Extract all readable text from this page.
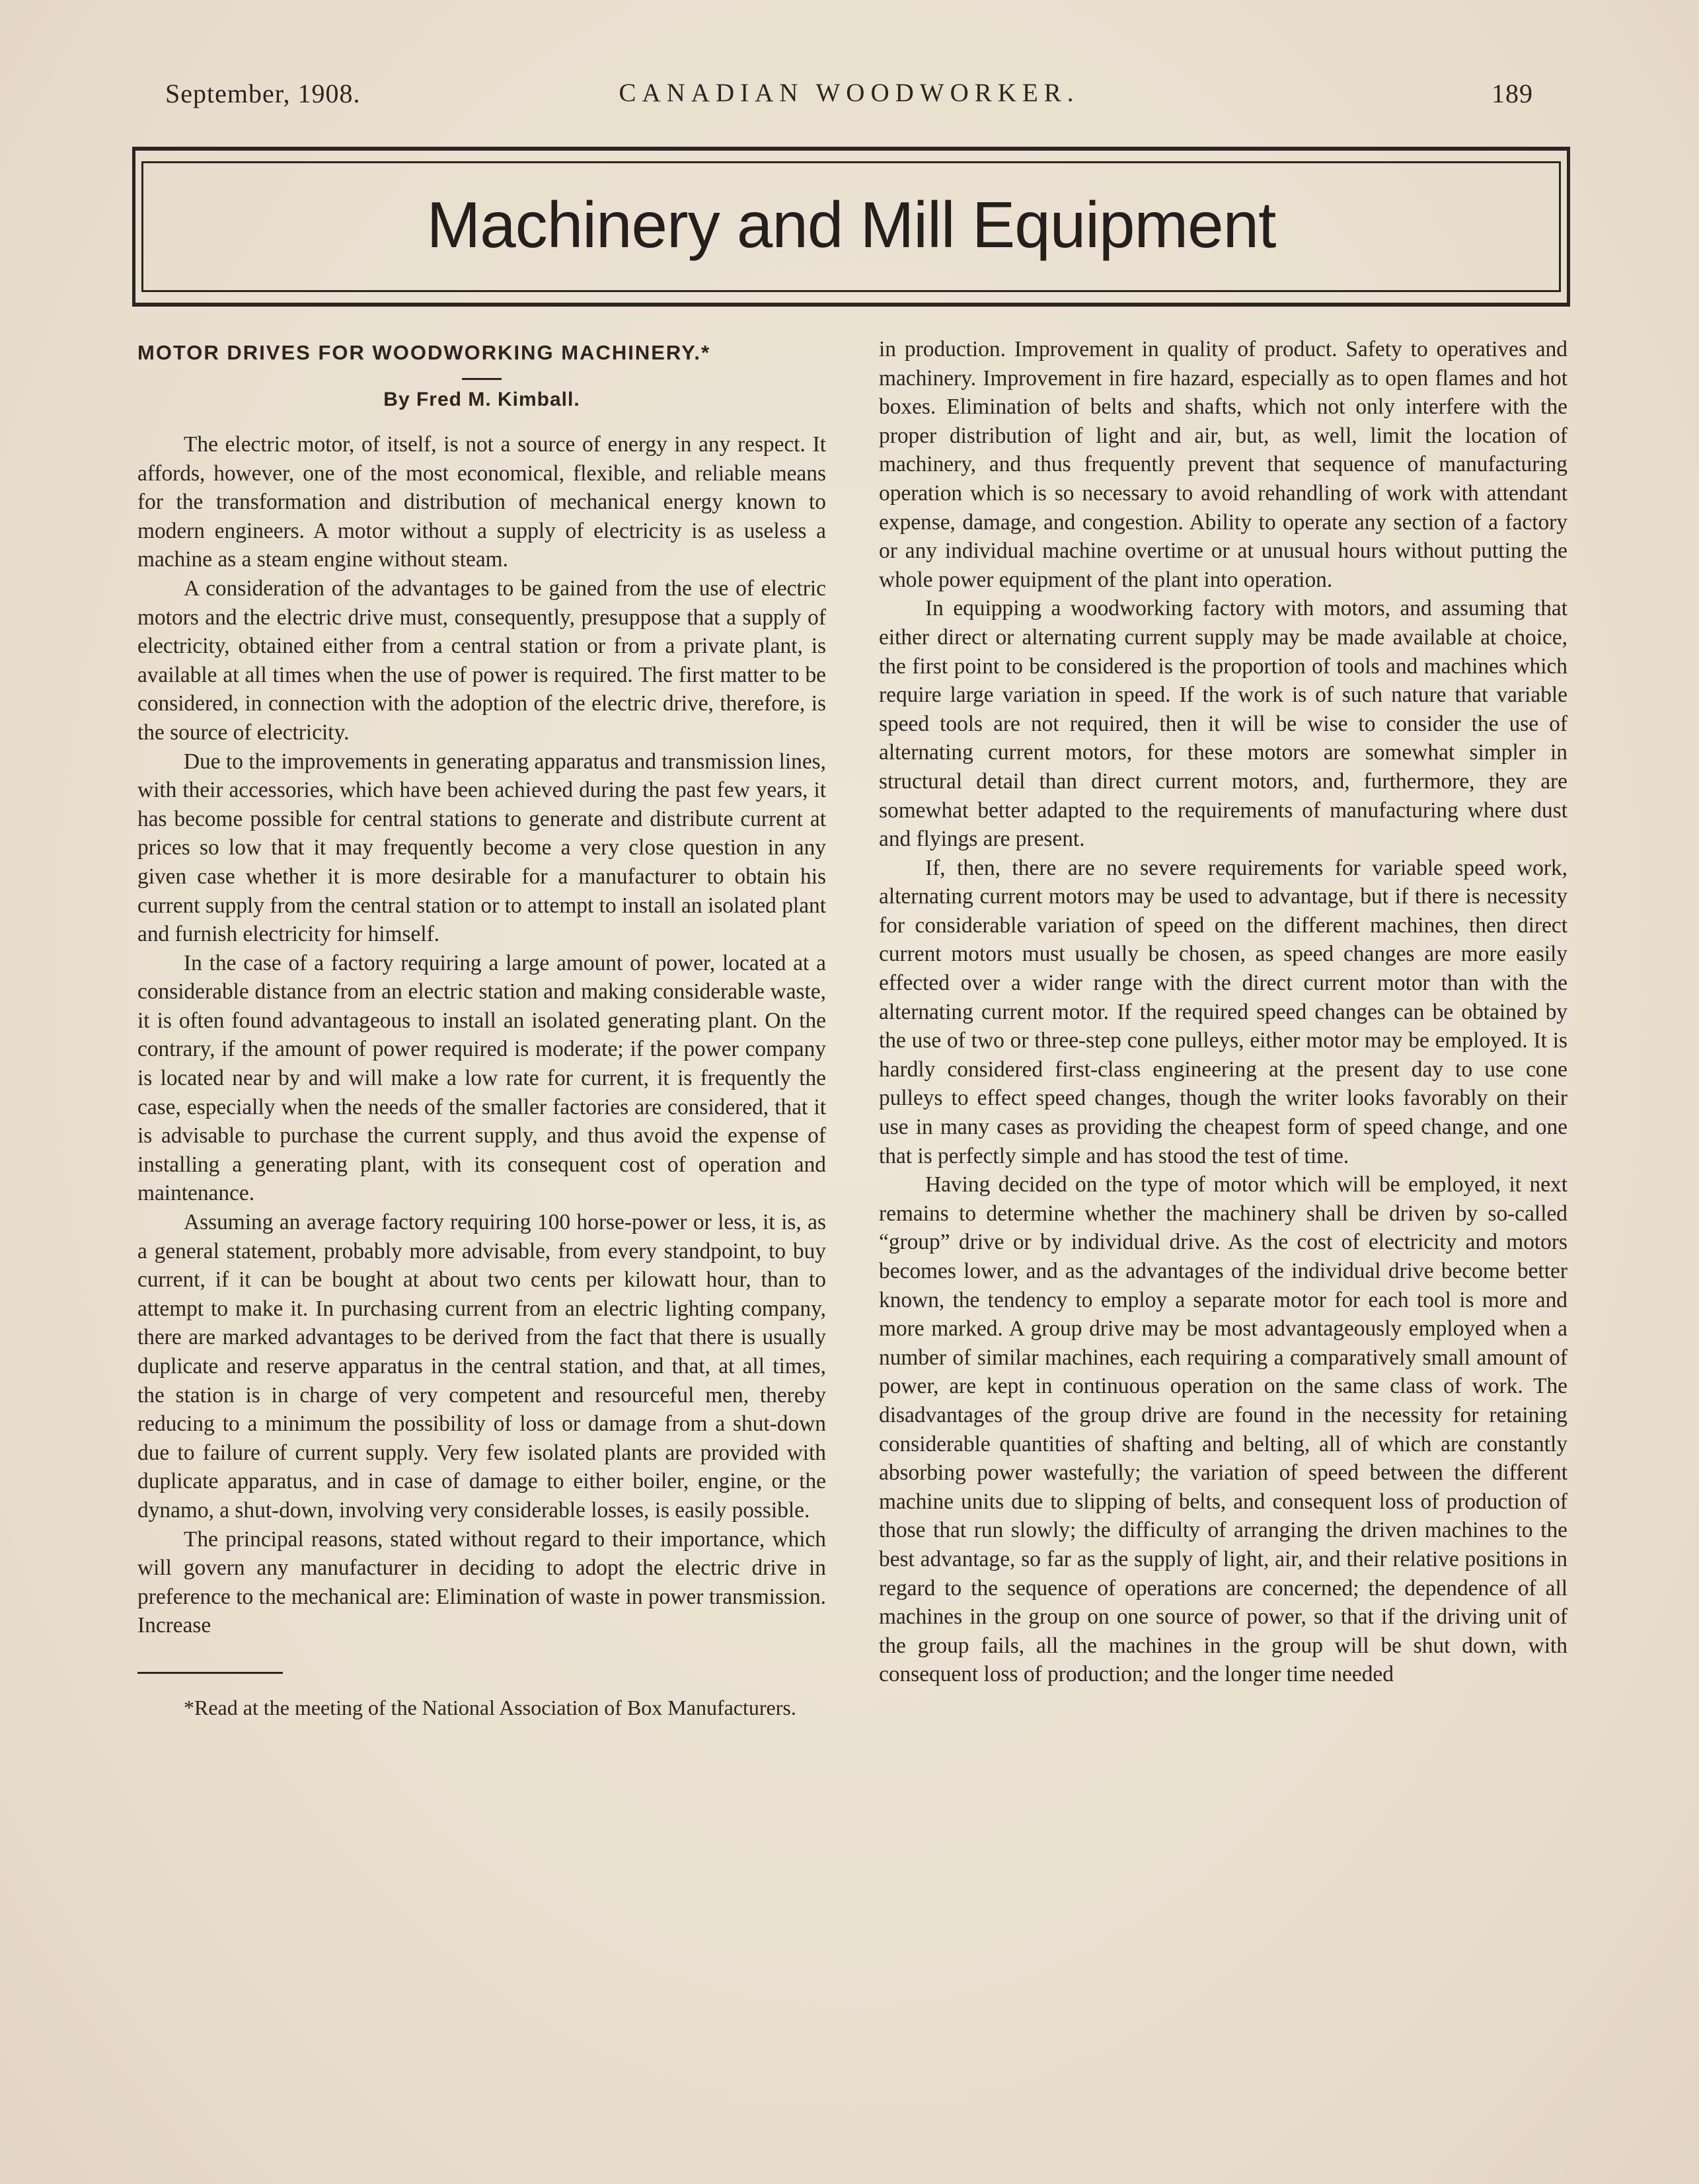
September, 1908.	CANADIAN WOODWORKER.	189
Machinery and Mill Equipment
MOTOR DRIVES FOR WOODWORKING MACHINERY.*
By Fred M. Kimball.

The electric motor, of itself, is not a source of energy in any respect. It affords, however, one of the most economical, flexible, and reliable means for the transformation and distribution of mechanical energy known to modern engineers. A motor without a supply of electricity is as useless a machine as a steam engine without steam.

A consideration of the advantages to be gained from the use of electric motors and the electric drive must, consequently, presuppose that a supply of electricity, obtained either from a central station or from a private plant, is available at all times when the use of power is required. The first matter to be considered, in connection with the adoption of the electric drive, therefore, is the source of electricity.

Due to the improvements in generating apparatus and transmission lines, with their accessories, which have been achieved during the past few years, it has become possible for central stations to generate and distribute current at prices so low that it may frequently become a very close question in any given case whether it is more desirable for a manufacturer to obtain his current supply from the central station or to attempt to install an isolated plant and furnish electricity for himself.

In the case of a factory requiring a large amount of power, located at a considerable distance from an electric station and making considerable waste, it is often found advantageous to install an isolated generating plant. On the contrary, if the amount of power required is moderate; if the power company is located near by and will make a low rate for current, it is frequently the case, especially when the needs of the smaller factories are considered, that it is advisable to purchase the current supply, and thus avoid the expense of installing a generating plant, with its consequent cost of operation and maintenance.

Assuming an average factory requiring 100 horse-power or less, it is, as a general statement, probably more advisable, from every standpoint, to buy current, if it can be bought at about two cents per kilowatt hour, than to attempt to make it. In purchasing current from an electric lighting company, there are marked advantages to be derived from the fact that there is usually duplicate and reserve apparatus in the central station, and that, at all times, the station is in charge of very competent and resourceful men, thereby reducing to a minimum the possibility of loss or damage from a shut-down due to failure of current supply. Very few isolated plants are provided with duplicate apparatus, and in case of damage to either boiler, engine, or the dynamo, a shut-down, involving very considerable losses, is easily possible.

The principal reasons, stated without regard to their importance, which will govern any manufacturer in deciding to adopt the electric drive in preference to the mechanical are: Elimination of waste in power transmission. Increase

*Read at the meeting of the National Association of Box Manufacturers.

in production. Improvement in quality of product. Safety to operatives and machinery. Improvement in fire hazard, especially as to open flames and hot boxes. Elimination of belts and shafts, which not only interfere with the proper distribution of light and air, but, as well, limit the location of machinery, and thus frequently prevent that sequence of manufacturing operation which is so necessary to avoid rehandling of work with attendant expense, damage, and congestion. Ability to operate any section of a factory or any individual machine overtime or at unusual hours without putting the whole power equipment of the plant into operation.

In equipping a woodworking factory with motors, and assuming that either direct or alternating current supply may be made available at choice, the first point to be considered is the proportion of tools and machines which require large variation in speed. If the work is of such nature that variable speed tools are not required, then it will be wise to consider the use of alternating current motors, for these motors are somewhat simpler in structural detail than direct current motors, and, furthermore, they are somewhat better adapted to the requirements of manufacturing where dust and flyings are present.

If, then, there are no severe requirements for variable speed work, alternating current motors may be used to advantage, but if there is necessity for considerable variation of speed on the different machines, then direct current motors must usually be chosen, as speed changes are more easily effected over a wider range with the direct current motor than with the alternating current motor. If the required speed changes can be obtained by the use of two or three-step cone pulleys, either motor may be employed. It is hardly considered first-class engineering at the present day to use cone pulleys to effect speed changes, though the writer looks favorably on their use in many cases as providing the cheapest form of speed change, and one that is perfectly simple and has stood the test of time.

Having decided on the type of motor which will be employed, it next remains to determine whether the machinery shall be driven by so-called “group” drive or by individual drive. As the cost of electricity and motors becomes lower, and as the advantages of the individual drive become better known, the tendency to employ a separate motor for each tool is more and more marked. A group drive may be most advantageously employed when a number of similar machines, each requiring a comparatively small amount of power, are kept in continuous operation on the same class of work. The disadvantages of the group drive are found in the necessity for retaining considerable quantities of shafting and belting, all of which are constantly absorbing power wastefully; the variation of speed between the different machine units due to slipping of belts, and consequent loss of production of those that run slowly; the difficulty of arranging the driven machines to the best advantage, so far as the supply of light, air, and their relative positions in regard to the sequence of operations are concerned; the dependence of all machines in the group on one source of power, so that if the driving unit of the group fails, all the machines in the group will be shut down, with consequent loss of production; and the longer time needed
